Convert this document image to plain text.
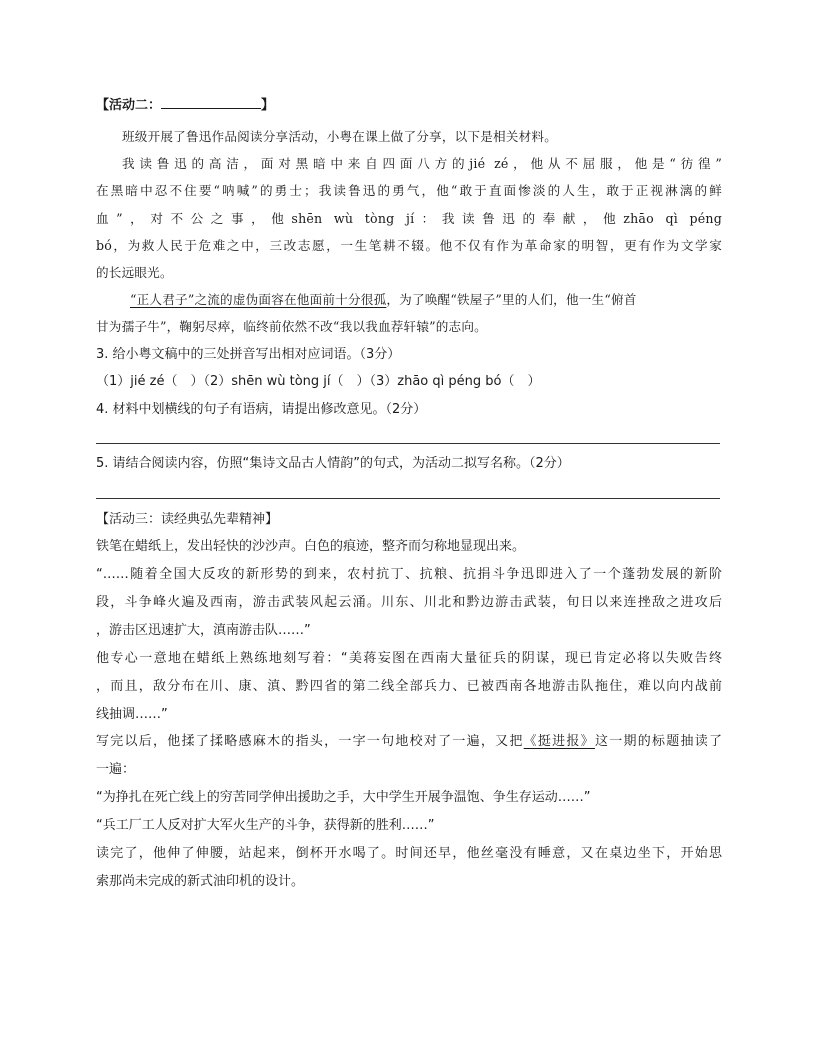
【活动二：	】
班级开展了鲁迅作品阅读分享活动，小粤在课上做了分享，以下是相关材料。
我读鲁迅的高洁，面对黑暗中来自四面八方的jié zé，他从不屈服，他是“彷徨”
在黑暗中忍不住要“呐喊”的勇士；我读鲁迅的勇气，他“敢于直面惨淡的人生，敢于正视淋漓的鲜
血”，对不公之事，他shēn wù tòng jí：我读鲁迅的奉献，他zhāo qì péng
bó，为救人民于危难之中，三改志愿，一生笔耕不辍。他不仅有作为革命家的明智，更有作为文学家
的长远眼光。
“正人君子”之流的虚伪面容在他面前十分很孤，为了唤醒“铁屋子”里的人们，他一生“俯首
甘为孺子牛”，鞠躬尽瘁，临终前依然不改“我以我血荐轩辕”的志向。
3. 给小粤文稿中的三处拼音写出相对应词语。（3分）
（1）jié zé（　）（2）shēn wù tòng jí（　）（3）zhāo qì péng bó（　）
4. 材料中划横线的句子有语病，请提出修改意见。（2分）
5. 请结合阅读内容，仿照“集诗文品古人情韵”的句式，为活动二拟写名称。（2分）
【活动三：读经典弘先辈精神】
铁笔在蜡纸上，发出轻快的沙沙声。白色的痕迹，整齐而匀称地显现出来。
“……随着全国大反攻的新形势的到来，农村抗丁、抗粮、抗捐斗争迅即进入了一个蓬勃发展的新阶
段，斗争峰火遍及西南，游击武装风起云涌。川东、川北和黔边游击武装，旬日以来连挫敌之进攻后
，游击区迅速扩大，滇南游击队……”
他专心一意地在蜡纸上熟练地刻写着：“美蒋妄图在西南大量征兵的阴谋，现已肯定必将以失败告终
，而且，敌分布在川、康、滇、黔四省的第二线全部兵力、已被西南各地游击队拖住，难以向内战前
线抽调……”
写完以后，他揉了揉略感麻木的指头，一字一句地校对了一遍，又把《挺进报》这一期的标题抽读了
一遍：
“为挣扎在死亡线上的穷苦同学伸出援助之手，大中学生开展争温饱、争生存运动……”
“兵工厂工人反对扩大军火生产的斗争，获得新的胜利……”
读完了，他伸了伸腰，站起来，倒杯开水喝了。时间还早，他丝毫没有睡意，又在桌边坐下，开始思
索那尚未完成的新式油印机的设计。
